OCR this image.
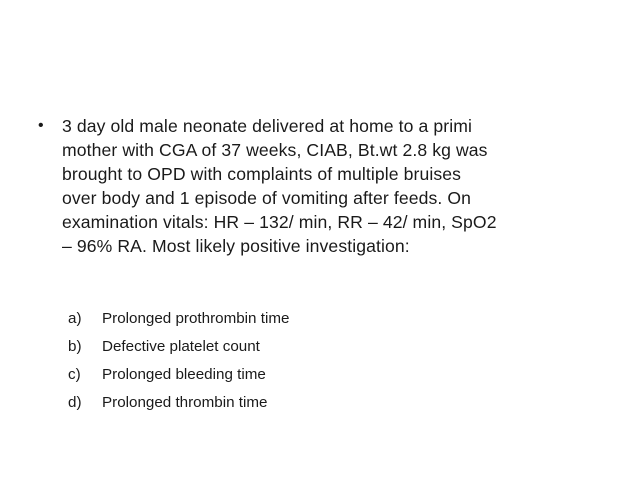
•	3 day old male neonate delivered at home to a primi
mother with CGA of 37 weeks, CIAB, Bt.wt 2.8 kg was
brought to OPD with complaints of multiple bruises
over body and 1 episode of vomiting after feeds. On
examination vitals: HR – 132/ min, RR – 42/ min, SpO2
– 96% RA. Most likely positive investigation:
a)	Prolonged prothrombin time
b)	Defective platelet count
c)	Prolonged bleeding time
d)	Prolonged thrombin time
